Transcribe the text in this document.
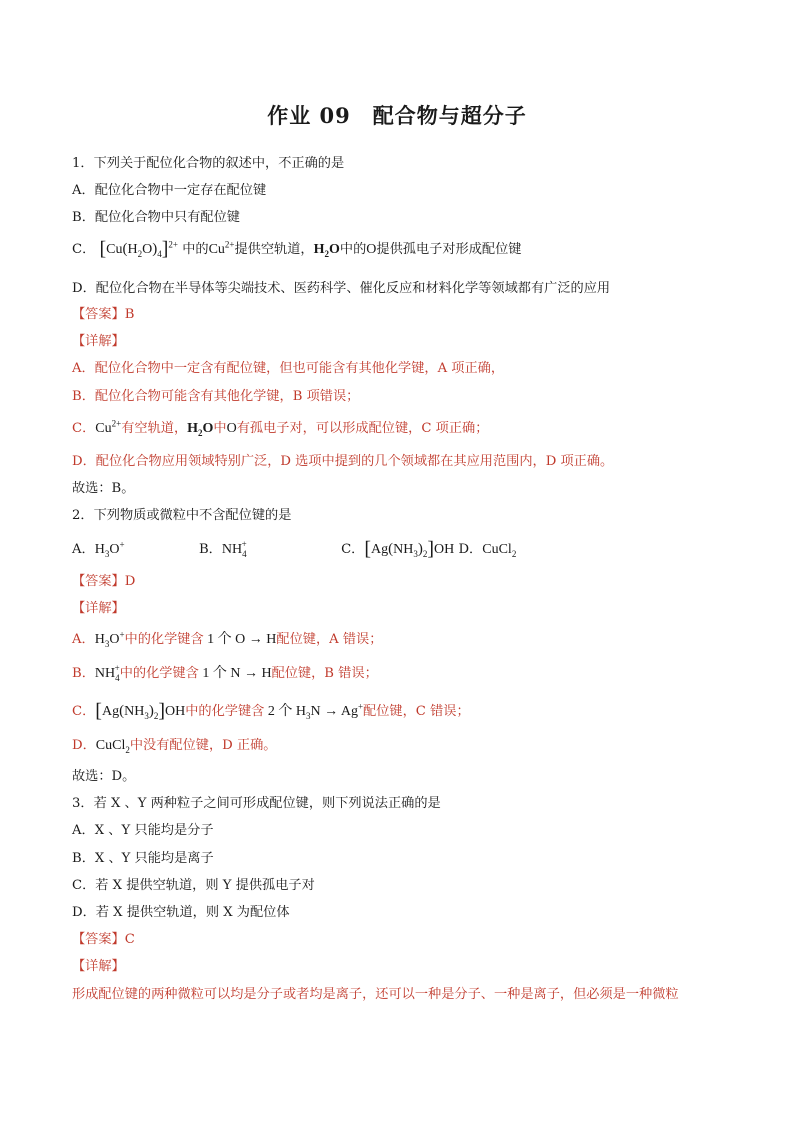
作业 09 配合物与超分子
1．下列关于配位化合物的叙述中，不正确的是
A．配位化合物中一定存在配位键
B．配位化合物中只有配位键
C． $[Cu(H_2O)_4]^{2+}$ 中的$Cu^{2+}$提供空轨道，$H_2O$中的O提供孤电子对形成配位键
D．配位化合物在半导体等尖端技术、医药科学、催化反应和材料化学等领域都有广泛的应用
【答案】B
【详解】
A．配位化合物中一定含有配位键，但也可能含有其他化学键，A 项正确，
B．配位化合物可能含有其他化学键，B 项错误；
C．$Cu^{2+}$有空轨道，$H_2O$中O有孤电子对，可以形成配位键，C 项正确；
D．配位化合物应用领域特别广泛，D 选项中提到的几个领域都在其应用范围内，D 项正确。
故选：B。
2．下列物质或微粒中不含配位键的是
A．$H_3O^+$	B．$NH_4^+$	C．$[Ag(NH_3)_2]OH$ D．CuCl$_2$
【答案】D
【详解】
A．$H_3O^+$中的化学键含 1 个 O → H配位键，A 错误；
B．$NH_4^+$中的化学键含 1 个 N → H配位键，B 错误；
C．$[Ag(NH_3)_2]OH$中的化学键含 2 个 $H_3N \to Ag^+$配位键，C 错误；
D．CuCl$_2$中没有配位键，D 正确。
故选：D。
3．若 X 、Y 两种粒子之间可形成配位键，则下列说法正确的是
A．X 、Y 只能均是分子
B．X 、Y 只能均是离子
C．若 X 提供空轨道，则 Y 提供孤电子对
D．若 X 提供空轨道，则 X 为配位体
【答案】C
【详解】
形成配位键的两种微粒可以均是分子或者均是离子，还可以一种是分子、一种是离子，但必须是一种微粒
